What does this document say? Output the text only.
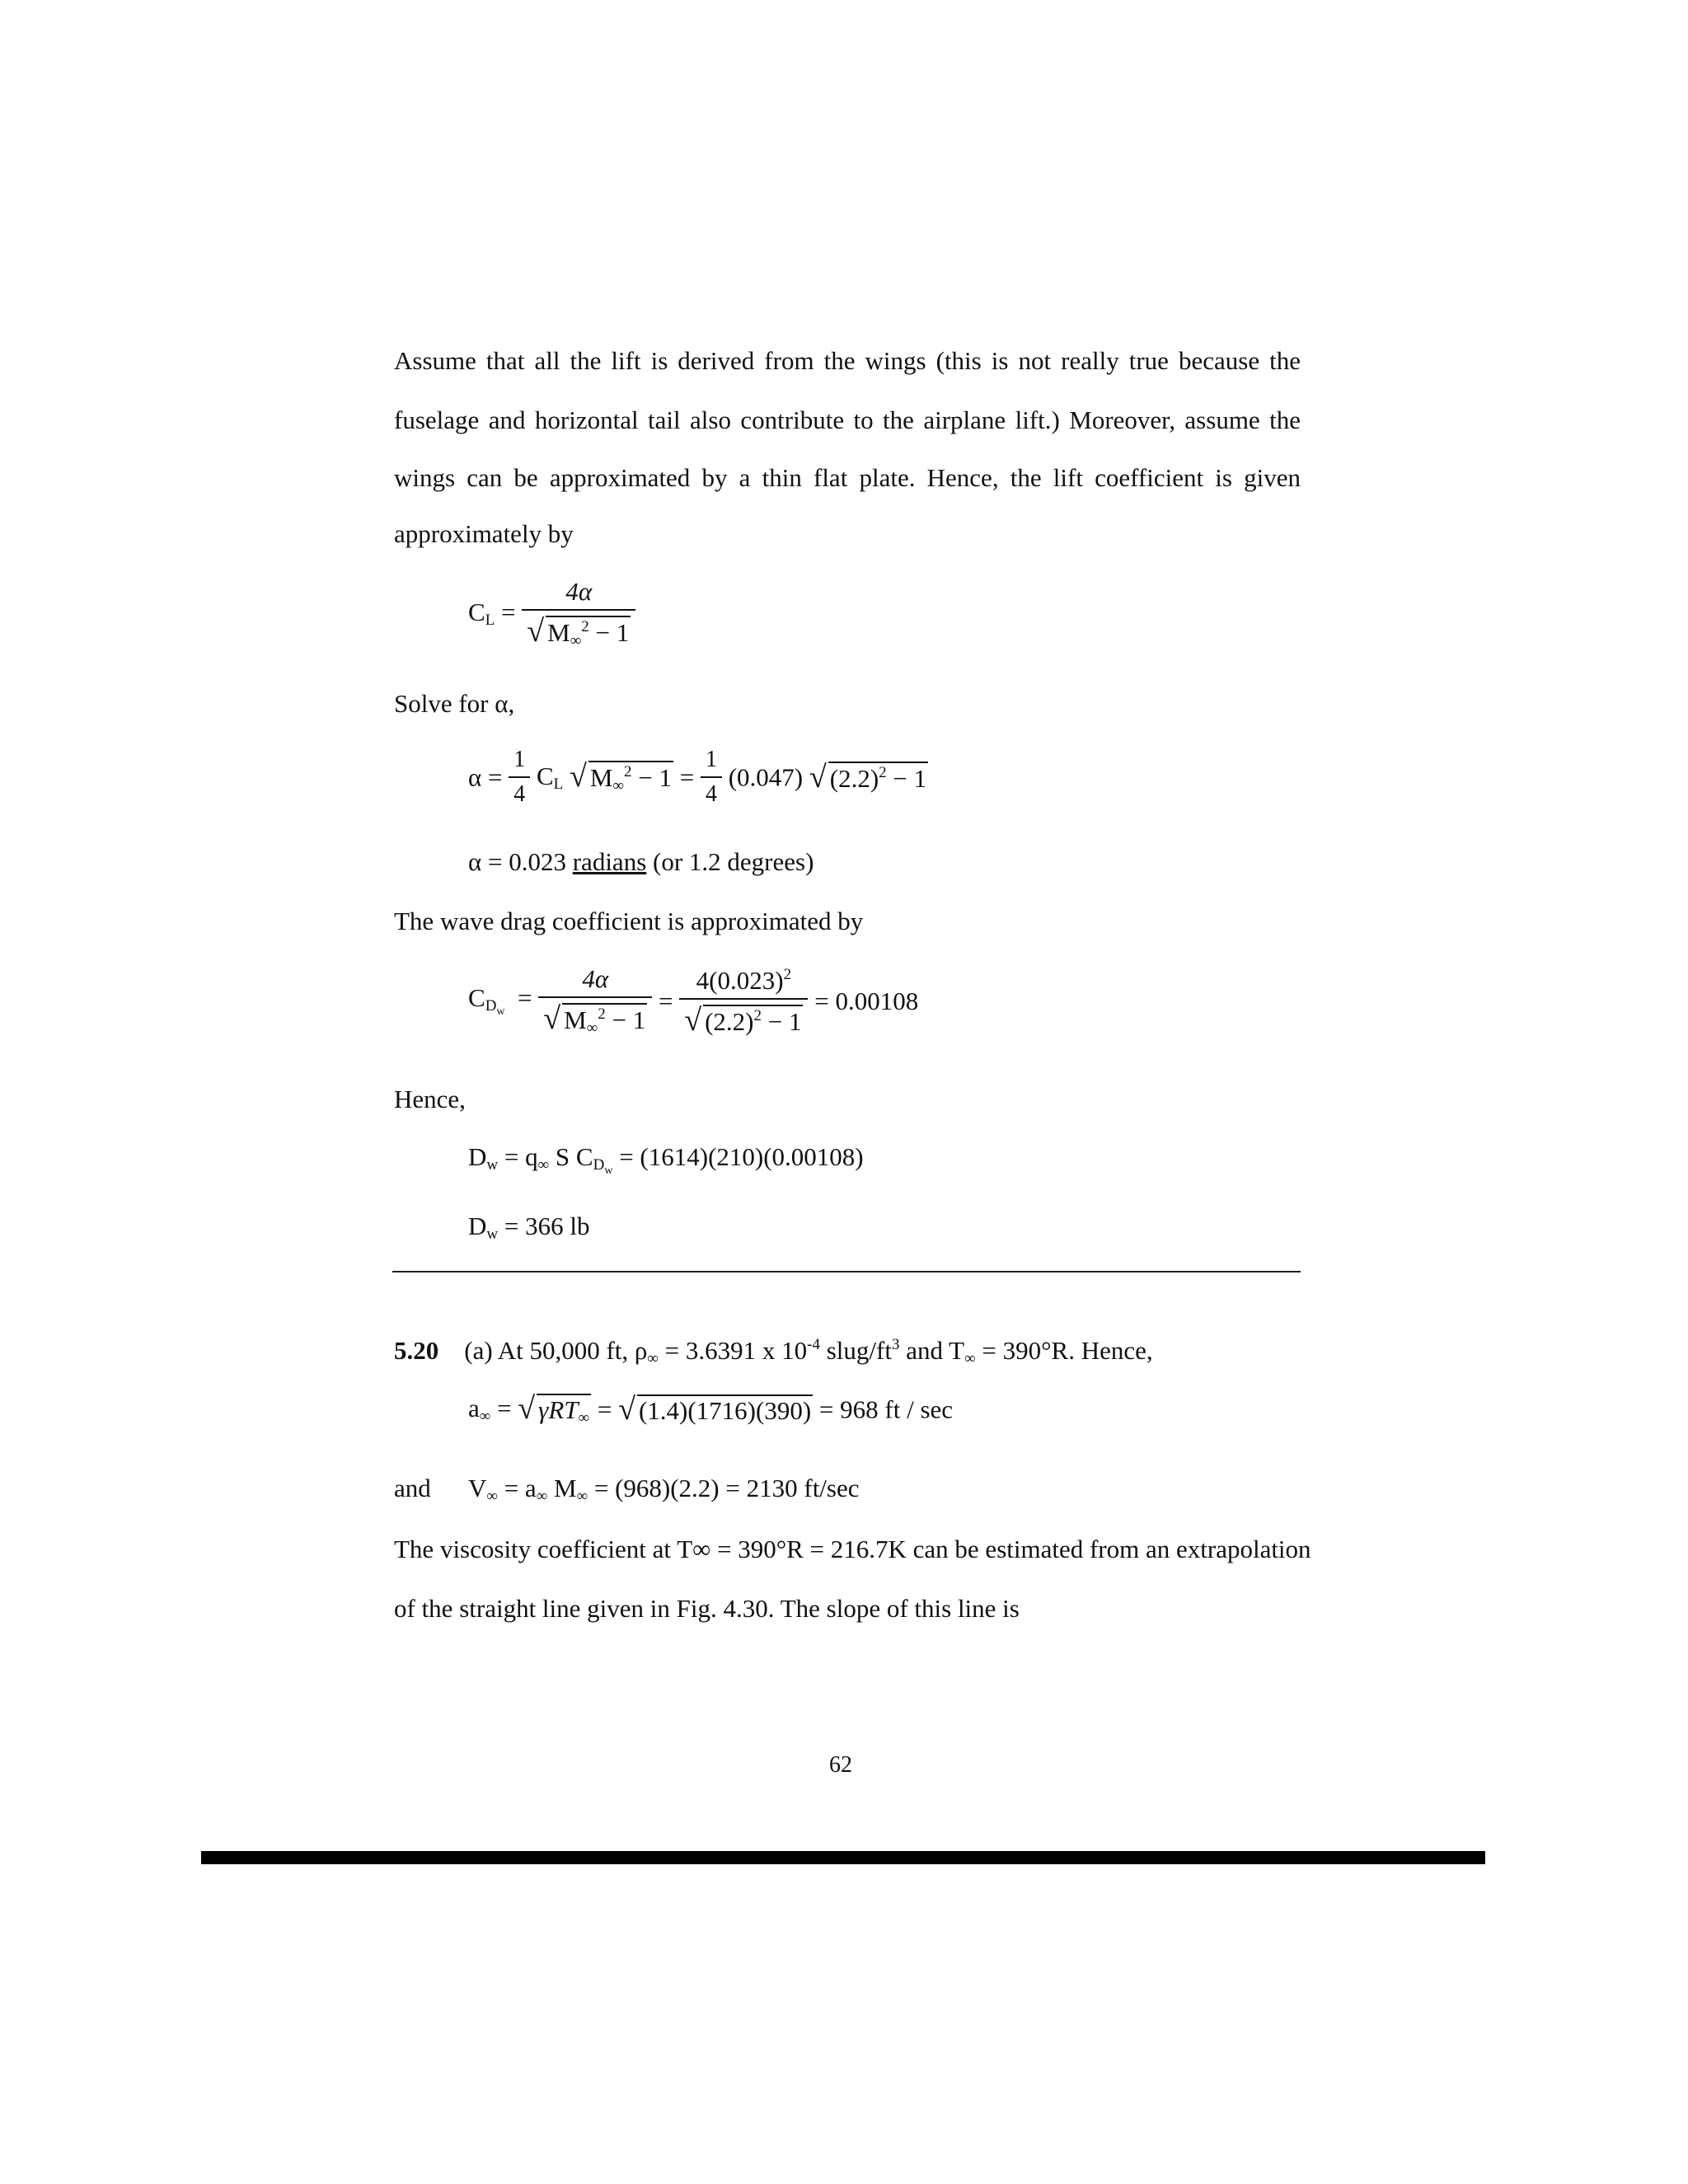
Assume that all the lift is derived from the wings (this is not really true because the
fuselage and horizontal tail also contribute to the airplane lift.) Moreover, assume the
wings can be approximated by a thin flat plate. Hence, the lift coefficient is given
approximately by
$C_L = \frac{4\alpha}{√ M_\infty^2 - 1}$
Solve for α,
$\alpha = \frac{1}{4} C_L$ √ $M_\infty^2 - 1 = \frac{1}{4} (0.047)$ √ $(2.2)^2 - 1$
α = 0.023 radians (or 1.2 degrees)
The wave drag coefficient is approximated by
$C_{D_w} = \frac{4\alpha}{√ M_\infty^2 - 1} = \frac{4(0.023)^2}{√ (2.2)^2 - 1} = 0.00108$
Hence,
$D_w = q_\infty$ S $C_{D_w} = (1614)(210)(0.00108)$
$D_w = 366$ lb
5.20 (a) At 50,000 ft, $\rho_\infty = 3.6391$ x $10^{-4}$ slug/$ft^3$ and $T_\infty = 390^\circ R$. Hence,
$a_\infty$ = √ γRT$_\infty$ = √ (1.4)(1716)(390) = 968 ft / sec
and $V_\infty = a_\infty$ $M_\infty = (968)(2.2) = 2130$ ft/sec
The viscosity coefficient at T∞ = 390°R = 216.7K can be estimated from an extrapolation
of the straight line given in Fig. 4.30. The slope of this line is
62
